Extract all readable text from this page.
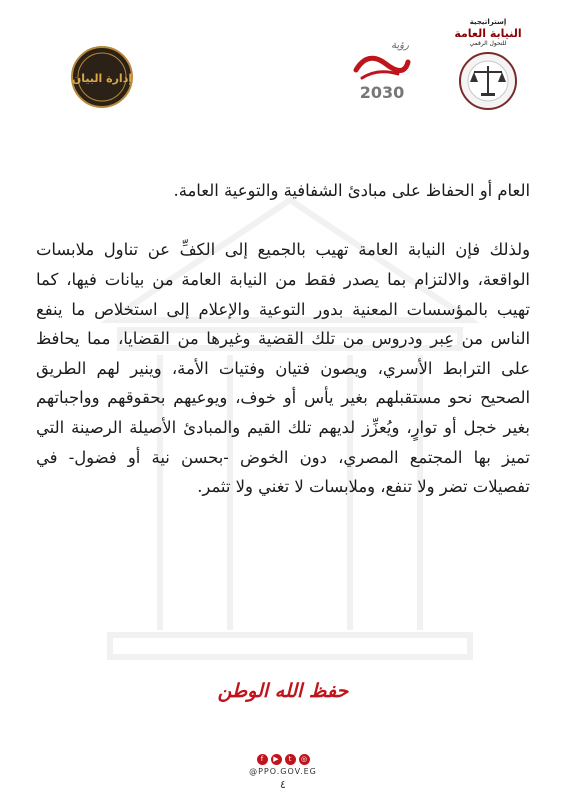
إدارة البيان
رؤية
2030
إستراتيجية
النيابة العامة
للتحول الرقمي

العام أو الحفاظ على مبادئ الشفافية والتوعية العامة.

ولذلك فإن النيابة العامة تهيب بالجميع إلى الكفِّ عن تناول ملابسات الواقعة، والالتزام بما يصدر فقط من النيابة العامة من بيانات فيها، كما تهيب بالمؤسسات المعنية بدور التوعية والإعلام إلى استخلاص ما ينفع الناس من عِبر ودروس من تلك القضية وغيرها من القضايا، مما يحافظ على الترابط الأسري، ويصون فتيان وفتيات الأمة، وينير لهم الطريق الصحيح نحو مستقبلهم بغير يأس أو خوف، ويوعيهم بحقوقهم وواجباتهم بغير خجل أو توارٍ، ويُعزِّز لديهم تلك القيم والمبادئ الأصيلة الرصينة التي تميز بها المجتمع المصري، دون الخوض -بحسن نية أو فضول- في تفصيلات تضر ولا تنفع، وملابسات لا تغني ولا تثمر.

حفظ الله الوطن
f	▶	t	◎
@PPO.GOV.EG
٤
